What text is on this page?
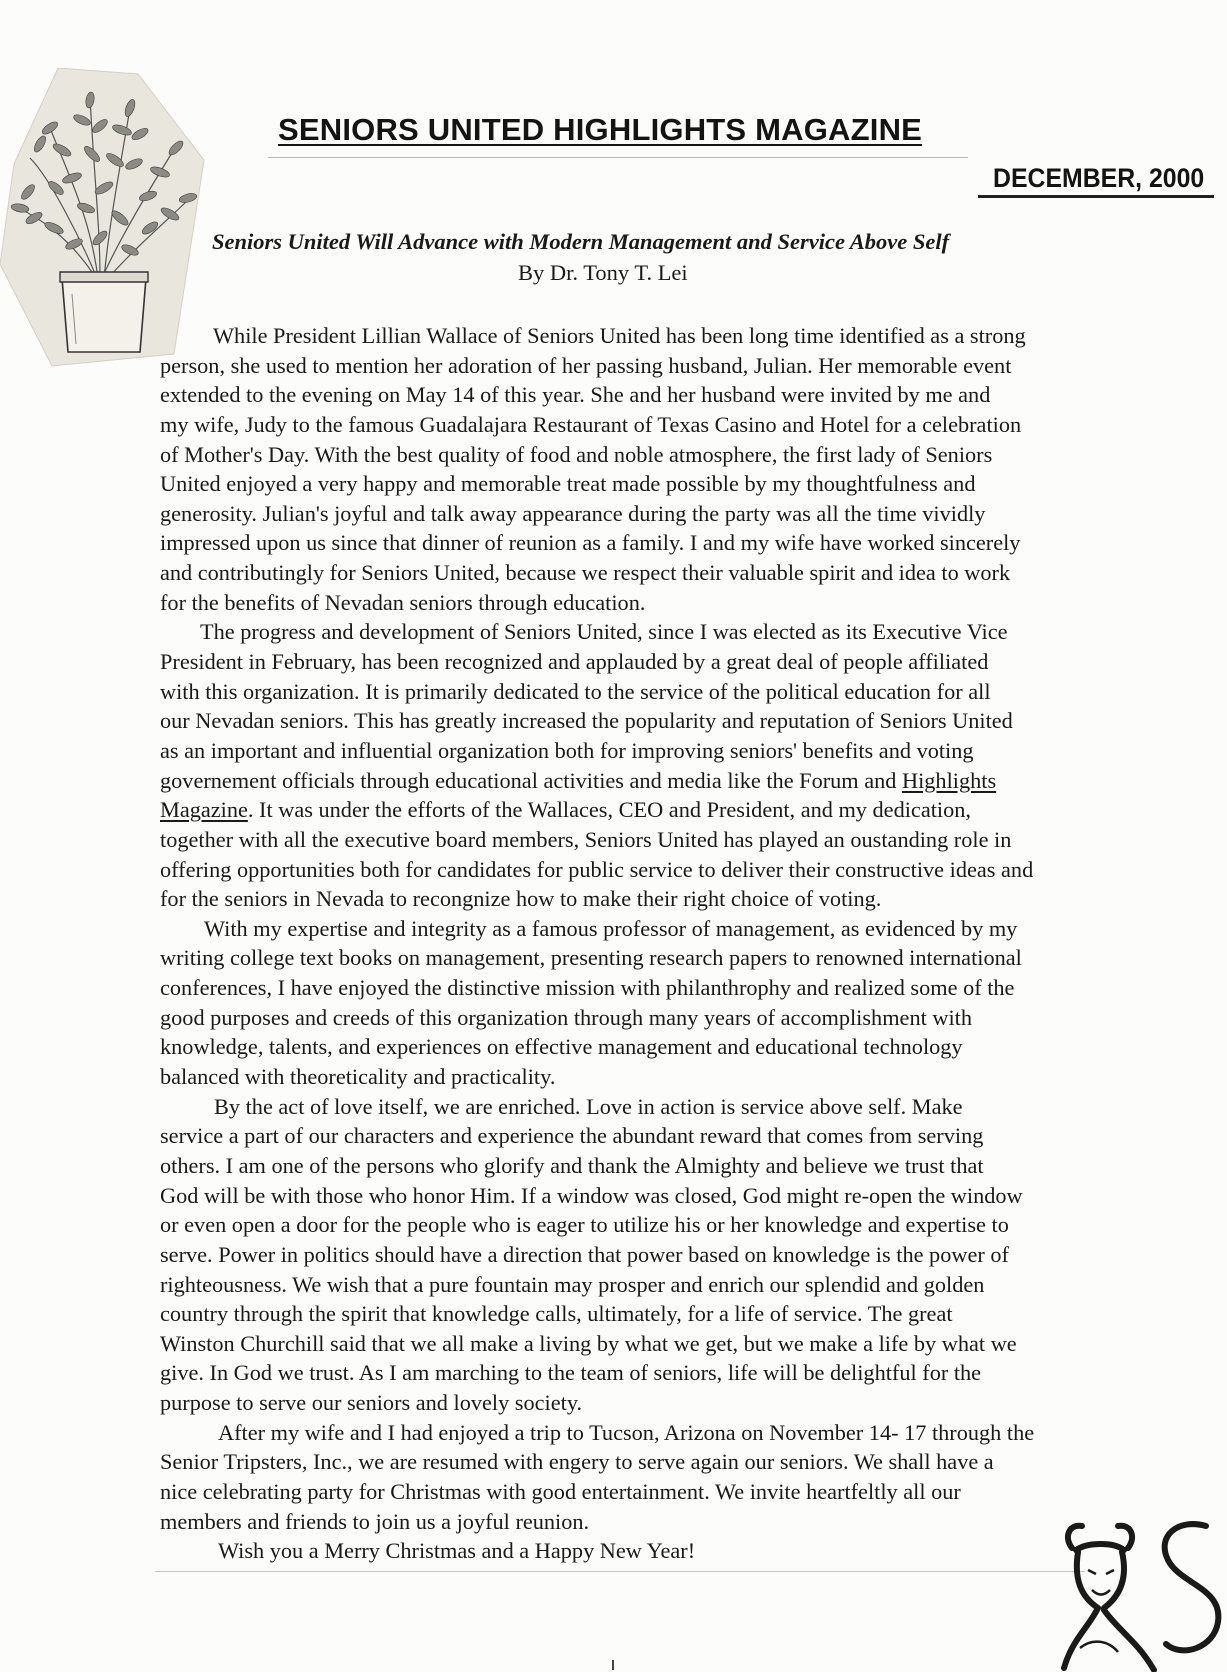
SENIORS UNITED HIGHLIGHTS MAGAZINE
DECEMBER, 2000
Seniors United Will Advance with Modern Management and Service Above Self
By Dr. Tony T. Lei
While President Lillian Wallace of Seniors United has been long time identified as a strong
person, she used to mention her adoration of her passing husband, Julian. Her memorable event
extended to the evening on May 14 of this year. She and her husband were invited by me and
my wife, Judy to the famous Guadalajara Restaurant of Texas Casino and Hotel for a celebration
of Mother's Day. With the best quality of food and noble atmosphere, the first lady of Seniors
United enjoyed a very happy and memorable treat made possible by my thoughtfulness and
generosity. Julian's joyful and talk away appearance during the party was all the time vividly
impressed upon us since that dinner of reunion as a family. I and my wife have worked sincerely
and contributingly for Seniors United, because we respect their valuable spirit and idea to work
for the benefits of Nevadan seniors through education.
The progress and development of Seniors United, since I was elected as its Executive Vice
President in February, has been recognized and applauded by a great deal of people affiliated
with this organization. It is primarily dedicated to the service of the political education for all
our Nevadan seniors. This has greatly increased the popularity and reputation of Seniors United
as an important and influential organization both for improving seniors' benefits and voting
governement officials through educational activities and media like the Forum and Highlights
Magazine. It was under the efforts of the Wallaces, CEO and President, and my dedication,
together with all the executive board members, Seniors United has played an oustanding role in
offering opportunities both for candidates for public service to deliver their constructive ideas and
for the seniors in Nevada to recongnize how to make their right choice of voting.
With my expertise and integrity as a famous professor of management, as evidenced by my
writing college text books on management, presenting research papers to renowned international
conferences, I have enjoyed the distinctive mission with philanthrophy and realized some of the
good purposes and creeds of this organization through many years of accomplishment with
knowledge, talents, and experiences on effective management and educational technology
balanced with theoreticality and practicality.
By the act of love itself, we are enriched. Love in action is service above self. Make
service a part of our characters and experience the abundant reward that comes from serving
others. I am one of the persons who glorify and thank the Almighty and believe we trust that
God will be with those who honor Him. If a window was closed, God might re-open the window
or even open a door for the people who is eager to utilize his or her knowledge and expertise to
serve. Power in politics should have a direction that power based on knowledge is the power of
righteousness. We wish that a pure fountain may prosper and enrich our splendid and golden
country through the spirit that knowledge calls, ultimately, for a life of service. The great
Winston Churchill said that we all make a living by what we get, but we make a life by what we
give. In God we trust. As I am marching to the team of seniors, life will be delightful for the
purpose to serve our seniors and lovely society.
After my wife and I had enjoyed a trip to Tucson, Arizona on November 14- 17 through the
Senior Tripsters, Inc., we are resumed with engery to serve again our seniors. We shall have a
nice celebrating party for Christmas with good entertainment. We invite heartfeltly all our
members and friends to join us a joyful reunion.
Wish you a Merry Christmas and a Happy New Year!
